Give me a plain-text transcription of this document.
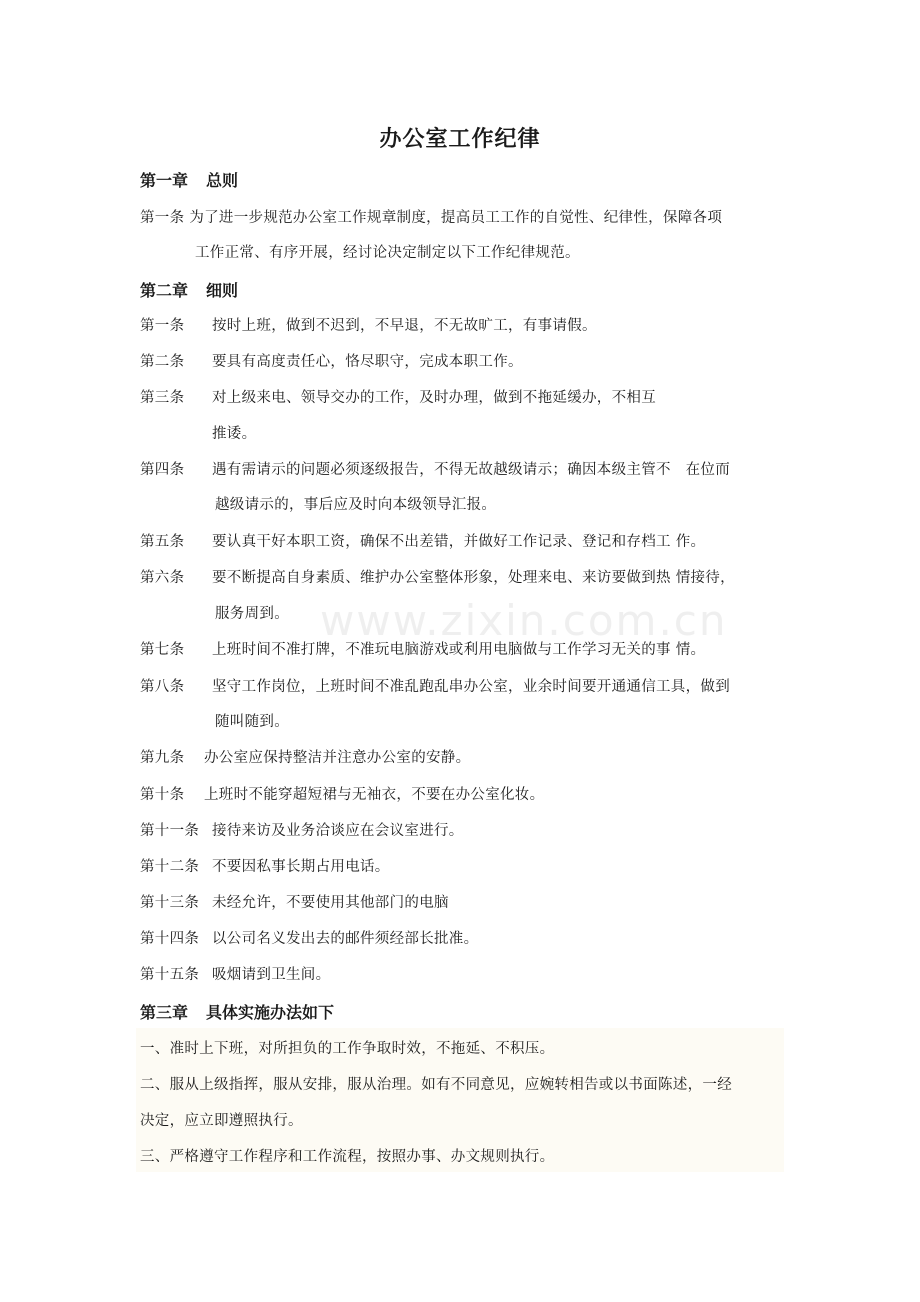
www.zixin.com.cn
办公室工作纪律
第一章 总则
第一条 为了进一步规范办公室工作规章制度，提高员工工作的自觉性、纪律性，保障各项
工作正常、有序开展，经讨论决定制定以下工作纪律规范。
第二章 细则
第一条 按时上班，做到不迟到，不早退，不无故旷工，有事请假。
第二条 要具有高度责任心，恪尽职守，完成本职工作。
第三条 对上级来电、领导交办的工作，及时办理，做到不拖延缓办，不相互
推诿。
第四条 遇有需请示的问题必须逐级报告，不得无故越级请示；确因本级主管不　在位而
越级请示的，事后应及时向本级领导汇报。
第五条 要认真干好本职工资，确保不出差错，并做好工作记录、登记和存档工 作。
第六条 要不断提高自身素质、维护办公室整体形象，处理来电、来访要做到热 情接待，
服务周到。
第七条 上班时间不准打牌，不准玩电脑游戏或利用电脑做与工作学习无关的事 情。
第八条 坚守工作岗位，上班时间不准乱跑乱串办公室，业余时间要开通通信工具，做到
随叫随到。
第九条 办公室应保持整洁并注意办公室的安静。
第十条 上班时不能穿超短裙与无袖衣，不要在办公室化妆。
第十一条 接待来访及业务洽谈应在会议室进行。
第十二条 不要因私事长期占用电话。
第十三条 未经允许，不要使用其他部门的电脑
第十四条 以公司名义发出去的邮件须经部长批准。
第十五条 吸烟请到卫生间。
第三章 具体实施办法如下
一、准时上下班，对所担负的工作争取时效，不拖延、不积压。
二、服从上级指挥，服从安排，服从治理。如有不同意见，应婉转相告或以书面陈述，一经
决定，应立即遵照执行。
三、严格遵守工作程序和工作流程，按照办事、办文规则执行。
